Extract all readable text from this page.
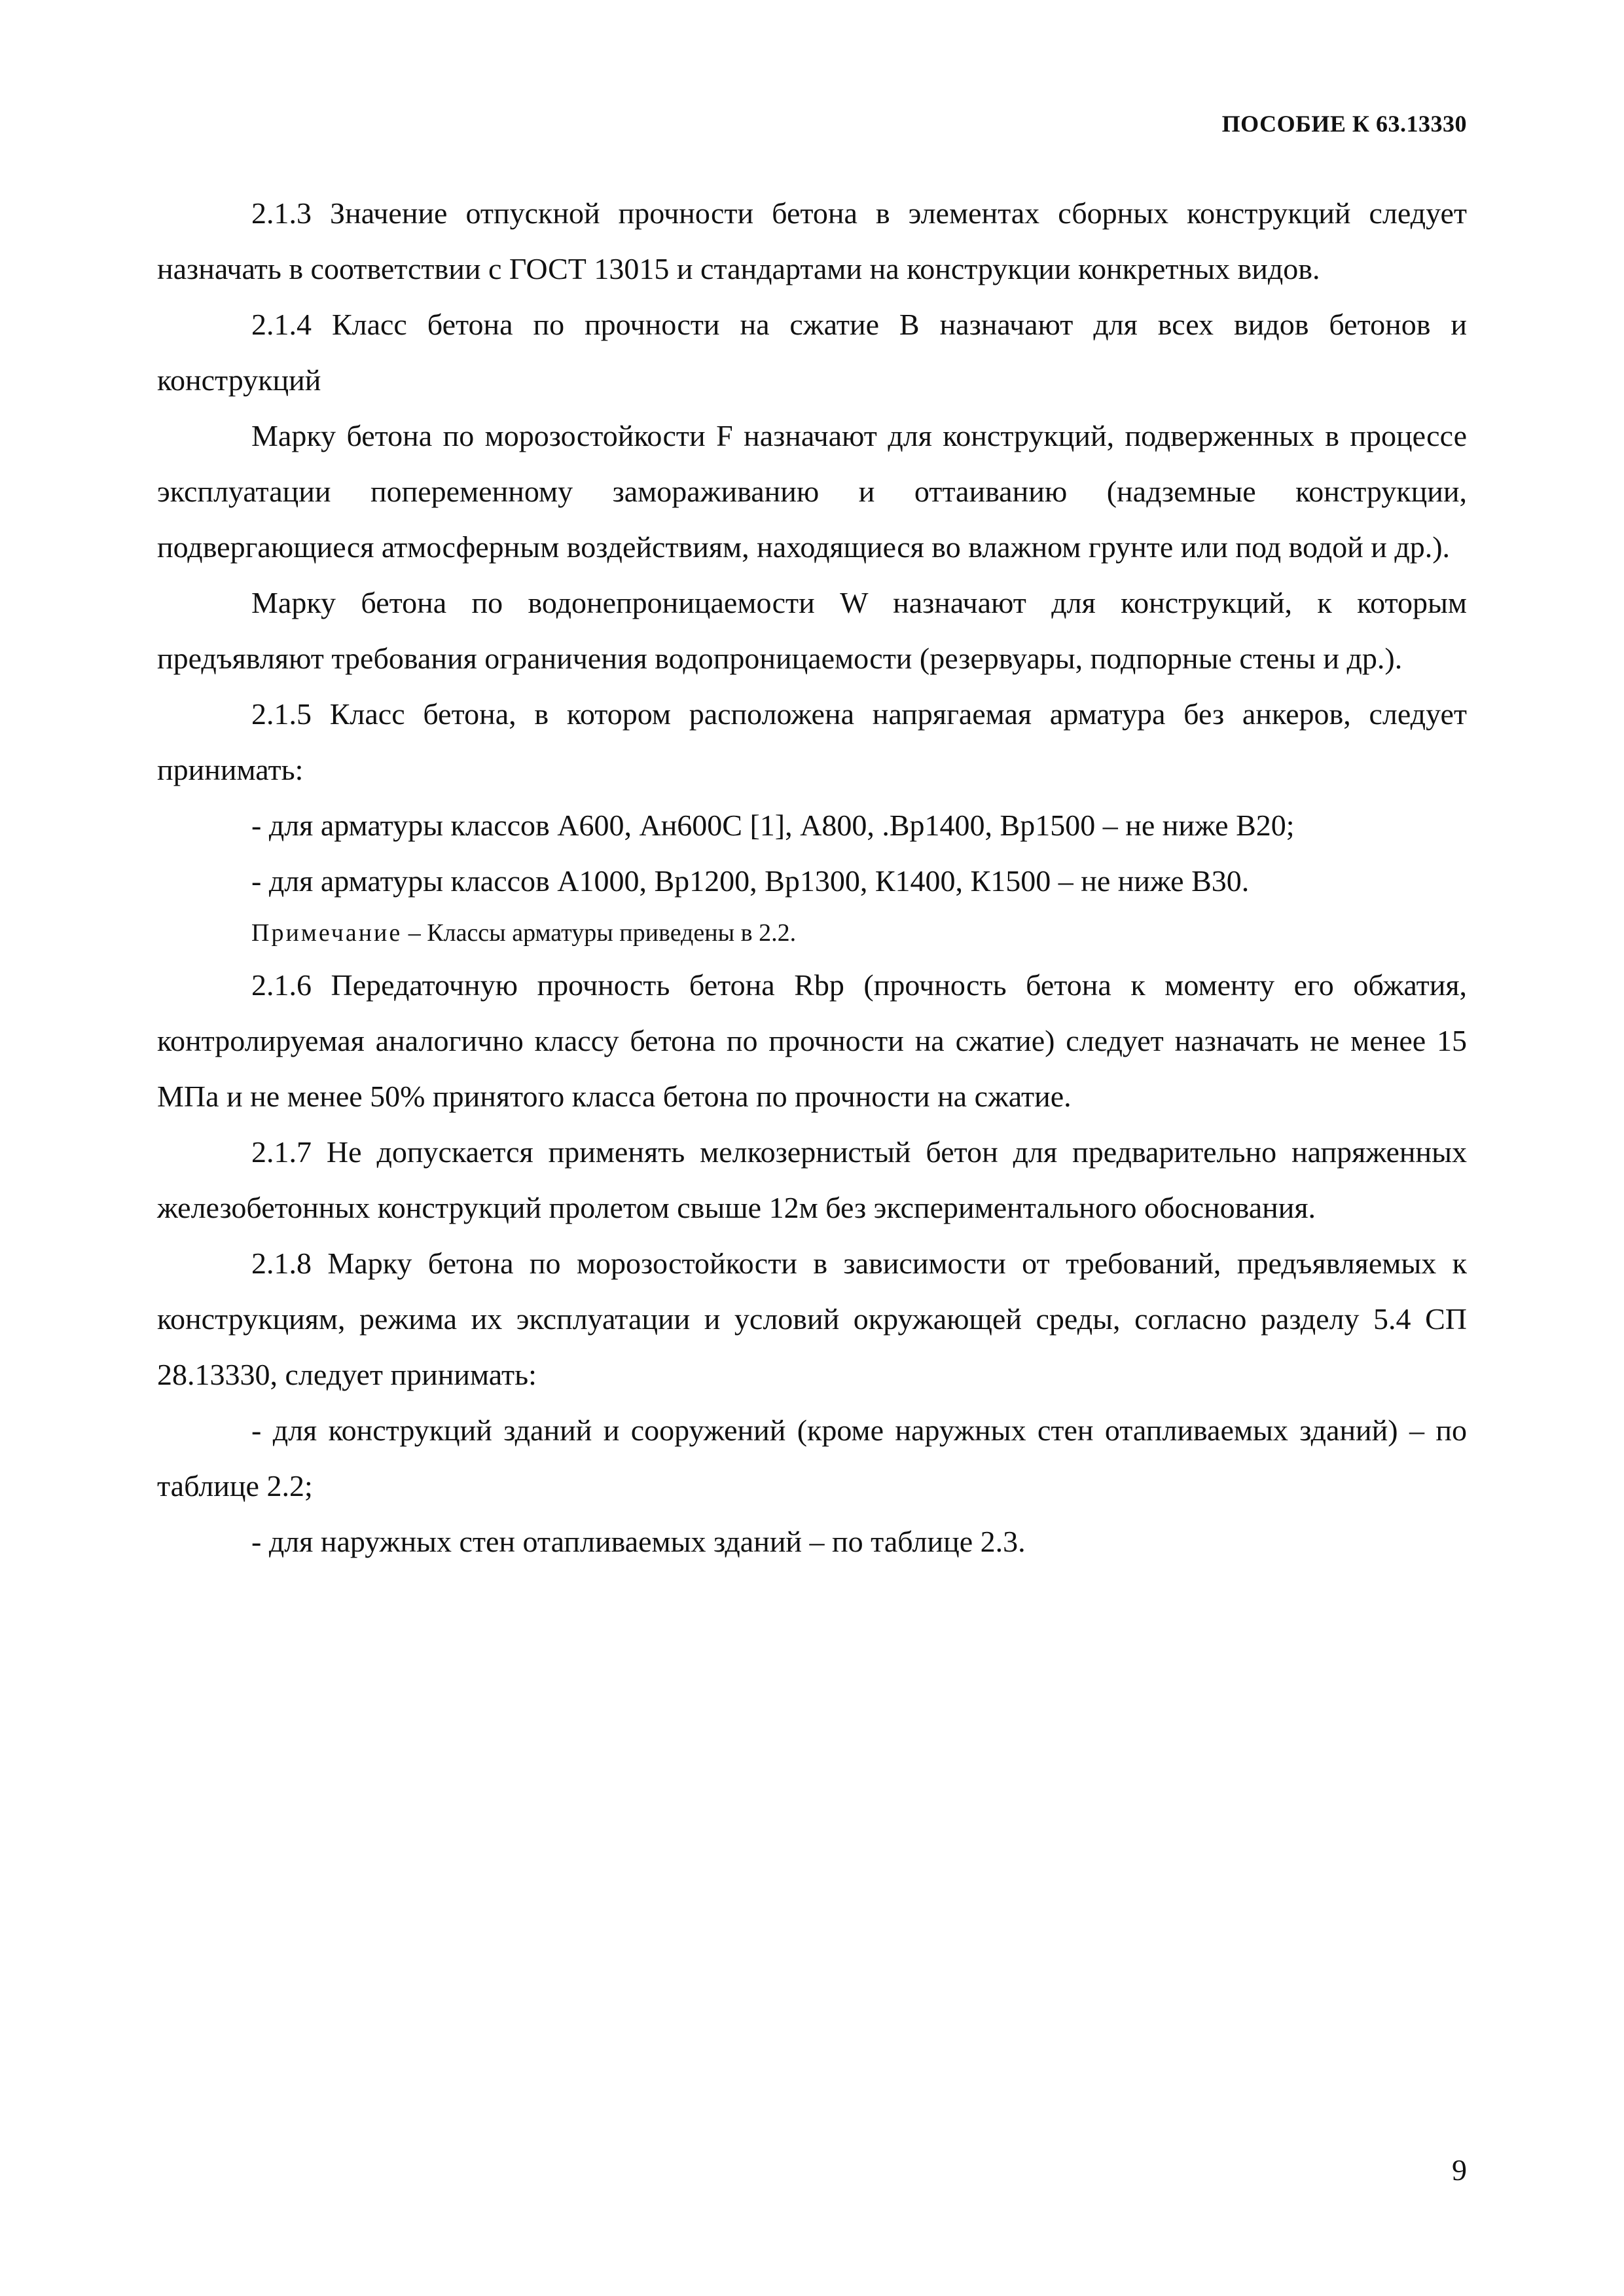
ПОСОБИЕ К 63.13330

2.1.3 Значение отпускной прочности бетона в элементах сборных конструкций следует назначать в соответствии с ГОСТ 13015 и стандартами на конструкции конкретных видов.

2.1.4 Класс бетона по прочности на сжатие В назначают для всех видов бетонов и конструкций

Марку бетона по морозостойкости F назначают для конструкций, подверженных в процессе эксплуатации попеременному замораживанию и оттаиванию (надземные конструкции, подвергающиеся атмосферным воздействиям, находящиеся во влажном грунте или под водой и др.).

Марку бетона по водонепроницаемости W назначают для конструкций, к которым предъявляют требования ограничения водопроницаемости (резервуары, подпорные стены и др.).

2.1.5 Класс бетона, в котором расположена напрягаемая арматура без анкеров, следует принимать:

- для арматуры классов А600, Ан600С [1], А800, .Вр1400, Вр1500 – не ниже В20;

- для арматуры классов А1000, Вр1200, Вр1300, К1400, К1500 – не ниже В30.

Примечание – Классы арматуры приведены в 2.2.

2.1.6 Передаточную прочность бетона Rbp (прочность бетона к моменту его обжатия, контролируемая аналогично классу бетона по прочности на сжатие) следует назначать не менее 15 МПа и не менее 50% принятого класса бетона по прочности на сжатие.

2.1.7 Не допускается применять мелкозернистый бетон для предварительно напряженных железобетонных конструкций пролетом свыше 12м без экспериментального обоснования.

2.1.8 Марку бетона по морозостойкости в зависимости от требований, предъявляемых к конструкциям, режима их эксплуатации и условий окружающей среды, согласно разделу 5.4 СП 28.13330, следует принимать:

- для конструкций зданий и сооружений (кроме наружных стен отапливаемых зданий) – по таблице 2.2;

- для наружных стен отапливаемых зданий – по таблице 2.3.

9
